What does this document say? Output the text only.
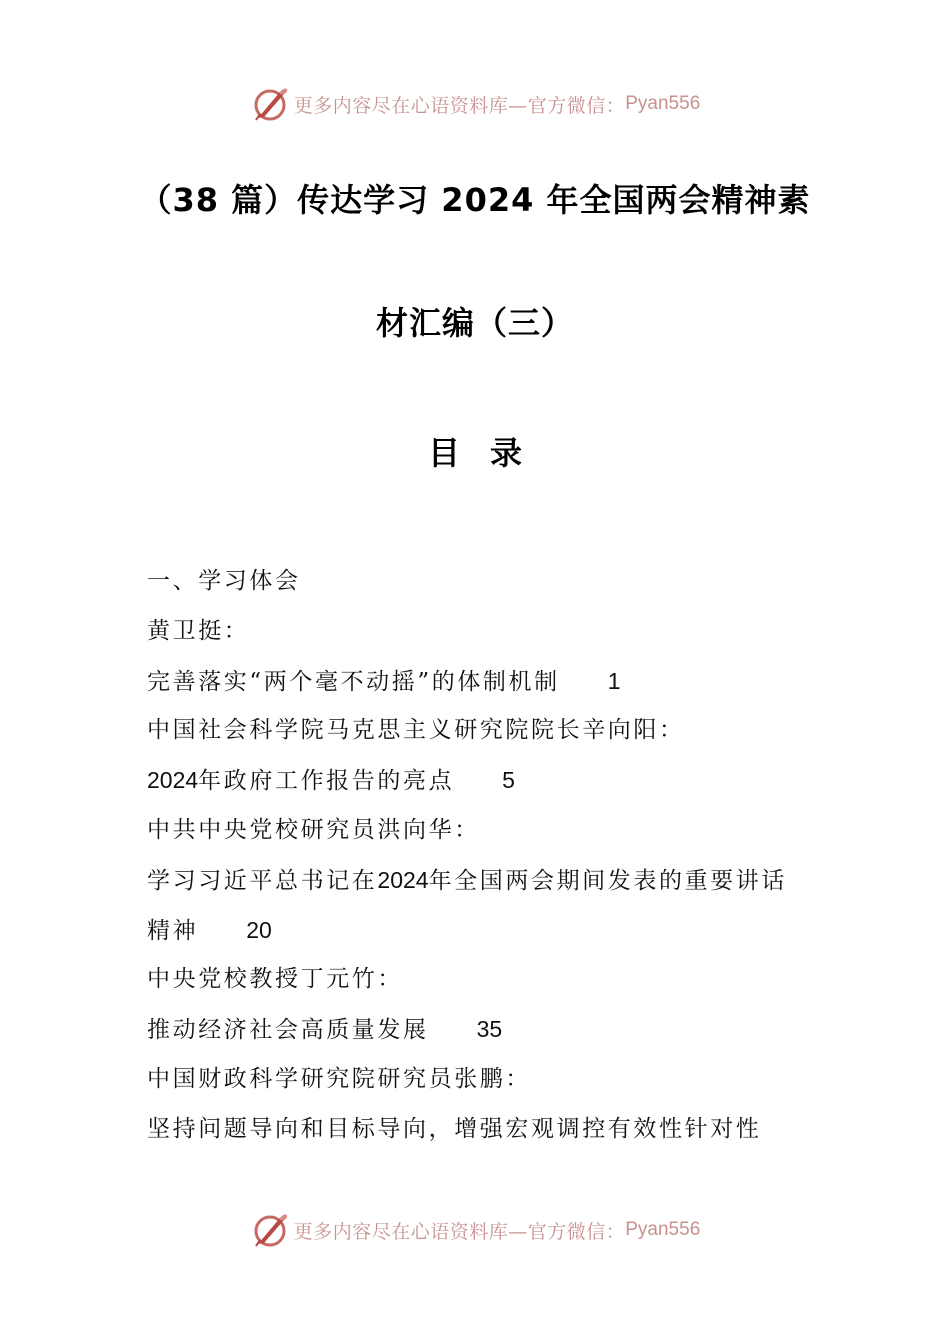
更多内容尽在心语资料库—官方微信： Pyan556
（38 篇）传达学习 2024 年全国两会精神素
材汇编（三）
目录
一、学习体会
黄卫挺：
完善落实“两个毫不动摇”的体制机制 1
中国社会科学院马克思主义研究院院长辛向阳：
2024年政府工作报告的亮点 5
中共中央党校研究员洪向华：
学习习近平总书记在2024年全国两会期间发表的重要讲话
精神 20
中央党校教授丁元竹：
推动经济社会高质量发展 35
中国财政科学研究院研究员张鹏：
坚持问题导向和目标导向，增强宏观调控有效性针对性
更多内容尽在心语资料库—官方微信： Pyan556
